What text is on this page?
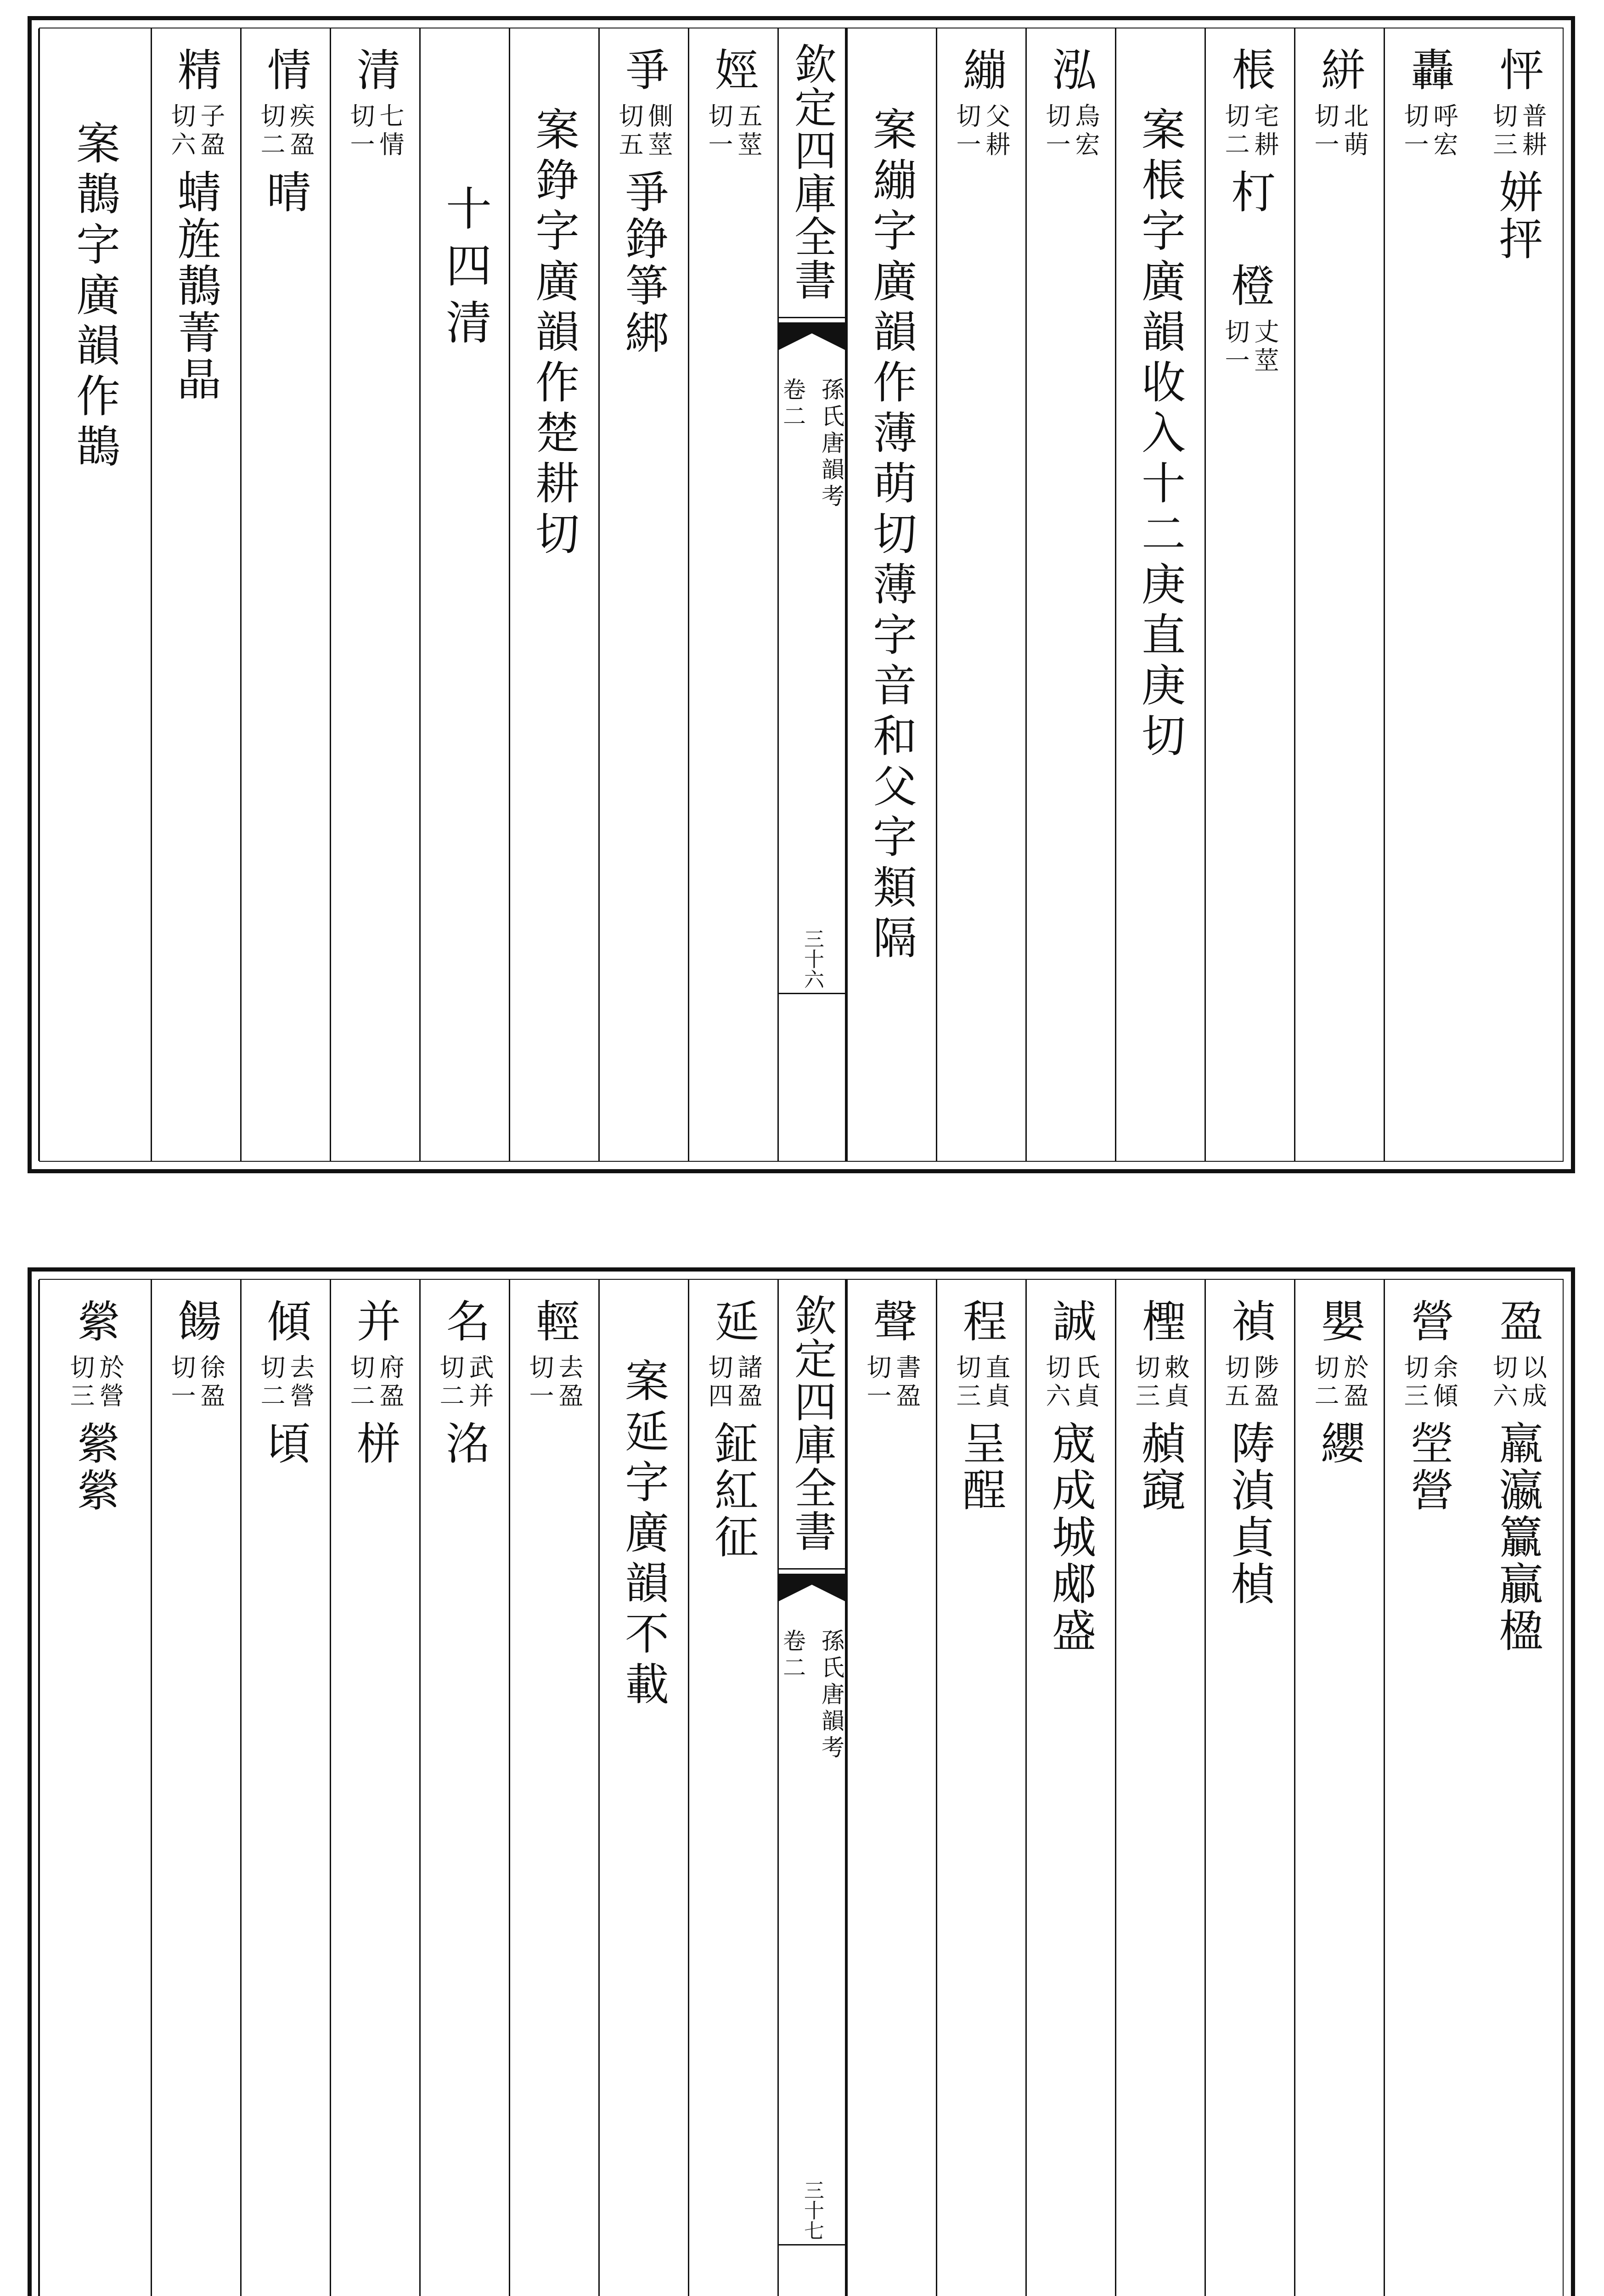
怦
普耕
切三
姘抨
轟
呼宏
切一
絣
北萌
切一
棖
宅耕
切二
朾　橙
丈莖
切一
案棖字廣韻收入十二庚直庚切
泓
烏宏
切一
繃
父耕
切一
案繃字廣韻作薄萌切薄字音和父字類隔
欽定四庫全書
孫氏唐韻考
卷二
三十六
娙
五莖
切一
爭
側莖
切五
爭錚箏綁
案錚字廣韻作楚耕切
十四清
清
七情
切一
情
疾盈
切二
晴
精
子盈
切六
蜻旌鶄菁晶
案鶄字廣韻作鵲
盈
以成
切六
羸瀛籯贏楹
營
余傾
切三
塋營
嬰
於盈
切二
纓
禎
陟盈
切五
陦湞貞楨
檉
敕貞
切三
赬竀
誠
氏貞
切六
宬成城郕盛
程
直貞
切三
呈酲
聲
書盈
切一
欽定四庫全書
孫氏唐韻考
卷二
三十七
延
諸盈
切四
鉦紅征
案延字廣韻不載
輕
去盈
切一
名
武并
切二
洺
并
府盈
切二
栟
傾
去營
切二
頃
餳
徐盈
切一
縈
於營
切三
縈縈
